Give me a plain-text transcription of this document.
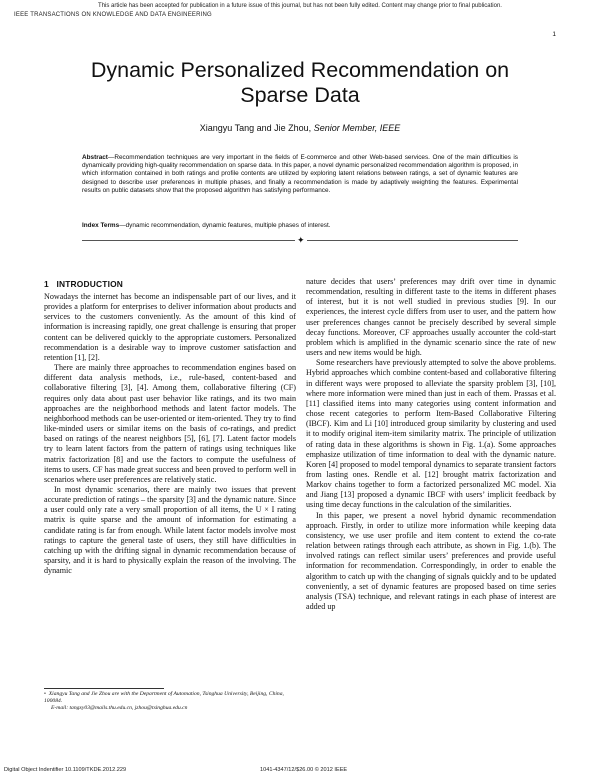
This article has been accepted for publication in a future issue of this journal, but has not been fully edited. Content may change prior to final publication.
IEEE TRANSACTIONS ON KNOWLEDGE AND DATA ENGINEERING
1
Dynamic Personalized Recommendation on
Sparse Data
Xiangyu Tang and Jie Zhou, Senior Member, IEEE
Abstract—Recommendation techniques are very important in the fields of E-commerce and other Web-based services. One of the main difficulties is dynamically providing high-quality recommendation on sparse data. In this paper, a novel dynamic personalized recommendation algorithm is proposed, in which information contained in both ratings and profile contents are utilized by exploring latent relations between ratings, a set of dynamic features are designed to describe user preferences in multiple phases, and finally a recommendation is made by adaptively weighting the features. Experimental results on public datasets show that the proposed algorithm has satisfying performance.
Index Terms—dynamic recommendation, dynamic features, multiple phases of interest.
✦
1 INTRODUCTION

Nowadays the internet has become an indispensable part of our lives, and it provides a platform for enterprises to deliver information about products and services to the customers conveniently. As the amount of this kind of information is increasing rapidly, one great challenge is ensuring that proper content can be delivered quickly to the appropriate customers. Personalized recommendation is a desirable way to improve customer satisfaction and retention [1], [2].

There are mainly three approaches to recommendation engines based on different data analysis methods, i.e., rule-based, content-based and collaborative filtering [3], [4]. Among them, collaborative filtering (CF) requires only data about past user behavior like ratings, and its two main approaches are the neighborhood methods and latent factor models. The neighborhood methods can be user-oriented or item-oriented. They try to find like-minded users or similar items on the basis of co-ratings, and predict based on ratings of the nearest neighbors [5], [6], [7]. Latent factor models try to learn latent factors from the pattern of ratings using techniques like matrix factorization [8] and use the factors to compute the usefulness of items to users. CF has made great success and been proved to perform well in scenarios where user preferences are relatively static.

In most dynamic scenarios, there are mainly two issues that prevent accurate prediction of ratings – the sparsity [3] and the dynamic nature. Since a user could only rate a very small proportion of all items, the U × I rating matrix is quite sparse and the amount of information for estimating a candidate rating is far from enough. While latent factor models involve most ratings to capture the general taste of users, they still have difficulties in catching up with the drifting signal in dynamic recommendation because of sparsity, and it is hard to physically explain the reason of the involving. The dynamic

nature decides that users’ preferences may drift over time in dynamic recommendation, resulting in different taste to the items in different phases of interest, but it is not well studied in previous studies [9]. In our experiences, the interest cycle differs from user to user, and the pattern how user preferences changes cannot be precisely described by several simple decay functions. Moreover, CF approaches usually accounter the cold-start problem which is amplified in the dynamic scenario since the rate of new users and new items would be high.

Some researchers have previously attempted to solve the above problems. Hybrid approaches which combine content-based and collaborative filtering in different ways were proposed to alleviate the sparsity problem [3], [10], where more information were mined than just in each of them. Prassas et al. [11] classified items into many categories using content information and chose recent categories to perform Item-Based Collaborative Filtering (IBCF). Kim and Li [10] introduced group similarity by clustering and used it to modify original item-item similarity matrix. The principle of utilization of rating data in these algorithms is shown in Fig. 1.(a). Some approaches emphasize utilization of time information to deal with the dynamic nature. Koren [4] proposed to model temporal dynamics to separate transient factors from lasting ones. Rendle et al. [12] brought matrix factorization and Markov chains together to form a factorized personalized MC model. Xia and Jiang [13] proposed a dynamic IBCF with users’ implicit feedback by using time decay functions in the calculation of the similarities.

In this paper, we present a novel hybrid dynamic recommendation approach. Firstly, in order to utilize more information while keeping data consistency, we use user profile and item content to extend the co-rate relation between ratings through each attribute, as shown in Fig. 1.(b). The involved ratings can reflect similar users’ preferences and provide useful information for recommendation. Correspondingly, in order to enable the algorithm to catch up with the changing of signals quickly and to be updated conveniently, a set of dynamic features are proposed based on time series analysis (TSA) technique, and relevant ratings in each phase of interest are added up

• Xiangyu Tang and Jie Zhou are with the Department of Automation, Tsinghua University, Beijing, China, 100084.
E-mail: tangxy03@mails.thu.edu.cn, jzhou@tsinghua.edu.cn
Digital Object Indentifier 10.1109/TKDE.2012.229	1041-4347/12/$26.00 © 2012 IEEE
